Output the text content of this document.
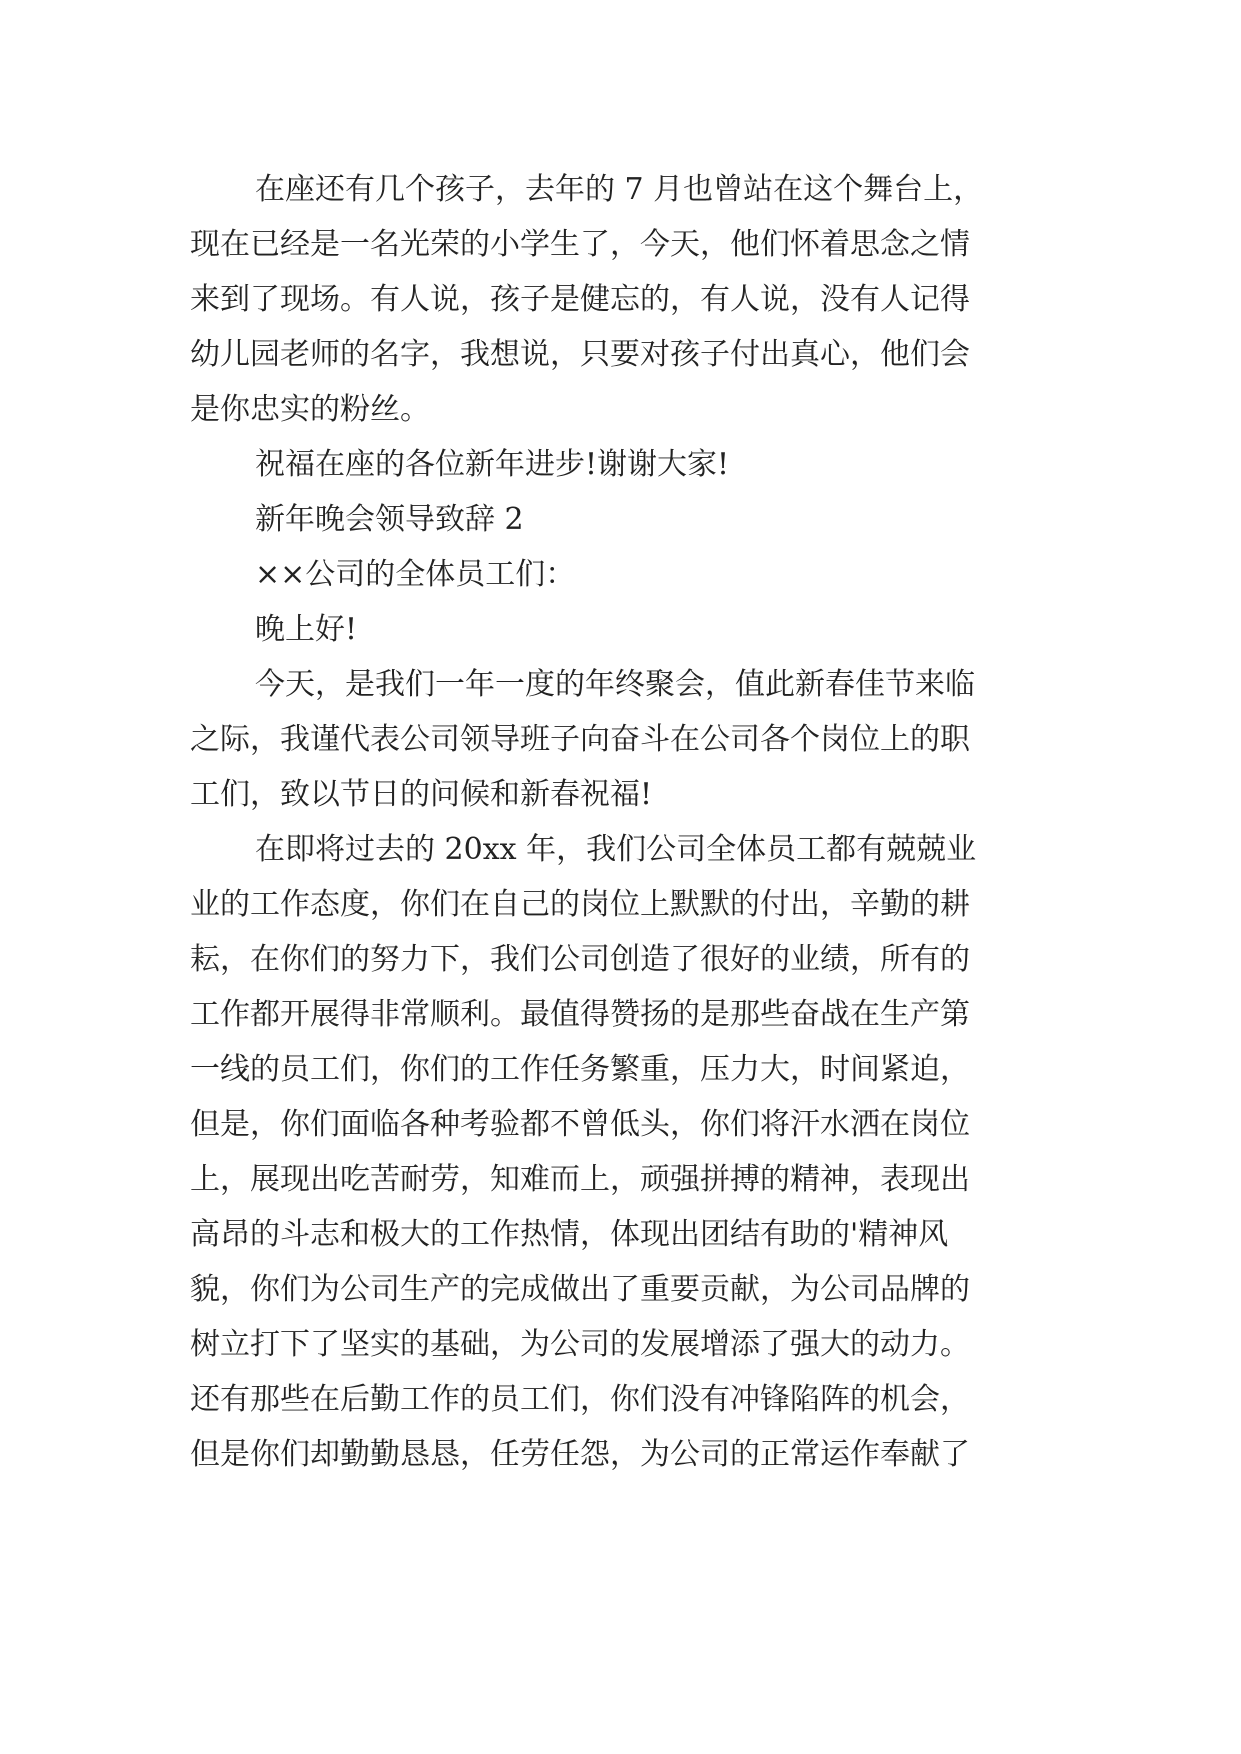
在座还有几个孩子，去年的 7 月也曾站在这个舞台上，

现在已经是一名光荣的小学生了，今天，他们怀着思念之情

来到了现场。有人说，孩子是健忘的，有人说，没有人记得

幼儿园老师的名字，我想说，只要对孩子付出真心，他们会

是你忠实的粉丝。

祝福在座的各位新年进步!谢谢大家!

新年晚会领导致辞 2

××公司的全体员工们：

晚上好!

今天，是我们一年一度的年终聚会，值此新春佳节来临

之际，我谨代表公司领导班子向奋斗在公司各个岗位上的职

工们，致以节日的问候和新春祝福!

在即将过去的 20xx 年，我们公司全体员工都有兢兢业

业的工作态度，你们在自己的岗位上默默的付出，辛勤的耕

耘，在你们的努力下，我们公司创造了很好的业绩，所有的

工作都开展得非常顺利。最值得赞扬的是那些奋战在生产第

一线的员工们，你们的工作任务繁重，压力大，时间紧迫，

但是，你们面临各种考验都不曾低头，你们将汗水洒在岗位

上，展现出吃苦耐劳，知难而上，顽强拼搏的精神，表现出

高昂的斗志和极大的工作热情，体现出团结有助的'精神风

貌，你们为公司生产的完成做出了重要贡献，为公司品牌的

树立打下了坚实的基础，为公司的发展增添了强大的动力。

还有那些在后勤工作的员工们，你们没有冲锋陷阵的机会，

但是你们却勤勤恳恳，任劳任怨，为公司的正常运作奉献了
